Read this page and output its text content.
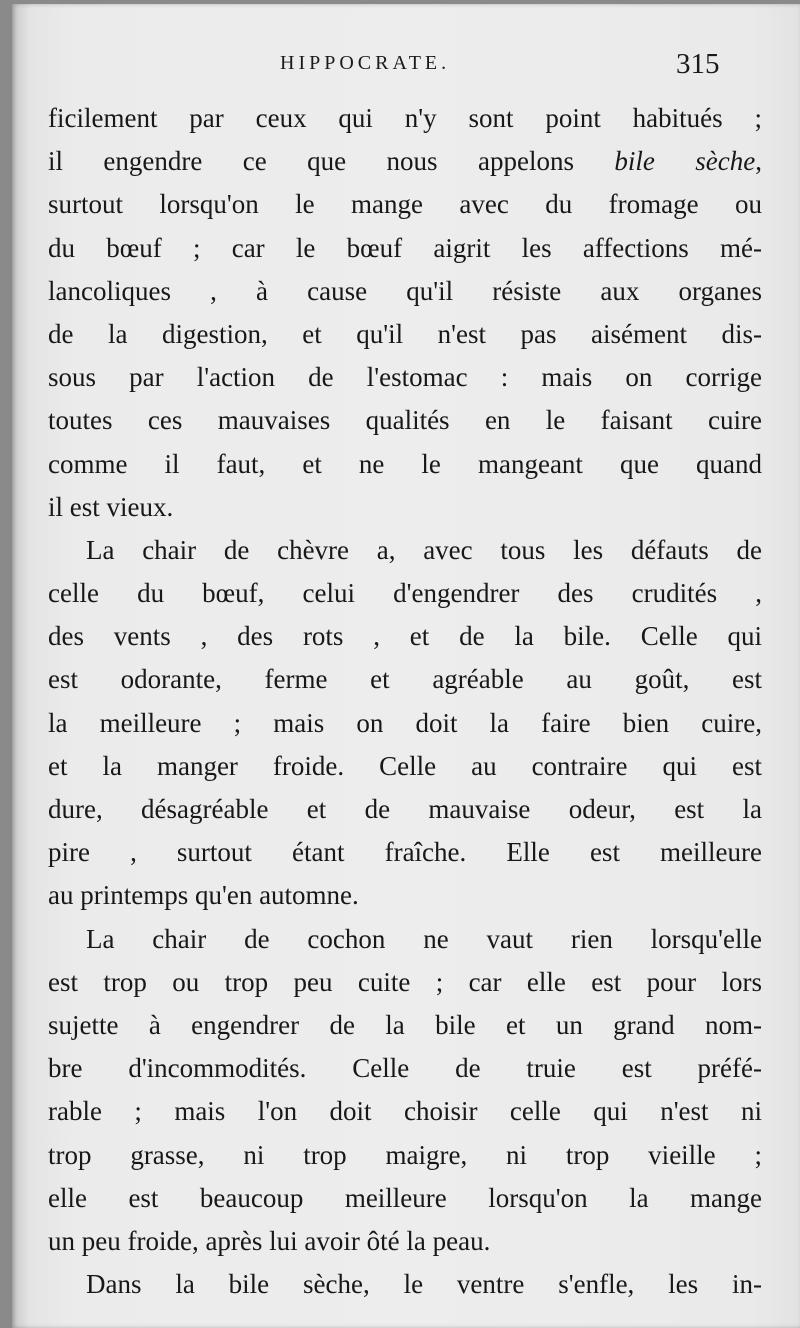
HIPPOCRATE.	315
ficilement par ceux qui n'y sont point habitués ;
il engendre ce que nous appelons bile sèche,
surtout lorsqu'on le mange avec du fromage ou
du bœuf ; car le bœuf aigrit les affections mé-
lancoliques , à cause qu'il résiste aux organes
de la digestion, et qu'il n'est pas aisément dis-
sous par l'action de l'estomac : mais on corrige
toutes ces mauvaises qualités en le faisant cuire
comme il faut, et ne le mangeant que quand
il est vieux.
La chair de chèvre a, avec tous les défauts de
celle du bœuf, celui d'engendrer des crudités ,
des vents , des rots , et de la bile. Celle qui
est odorante, ferme et agréable au goût, est
la meilleure ; mais on doit la faire bien cuire,
et la manger froide. Celle au contraire qui est
dure, désagréable et de mauvaise odeur, est la
pire , surtout étant fraîche. Elle est meilleure
au printemps qu'en automne.
La chair de cochon ne vaut rien lorsqu'elle
est trop ou trop peu cuite ; car elle est pour lors
sujette à engendrer de la bile et un grand nom-
bre d'incommodités. Celle de truie est préfé-
rable ; mais l'on doit choisir celle qui n'est ni
trop grasse, ni trop maigre, ni trop vieille ;
elle est beaucoup meilleure lorsqu'on la mange
un peu froide, après lui avoir ôté la peau.
Dans la bile sèche, le ventre s'enfle, les in-
